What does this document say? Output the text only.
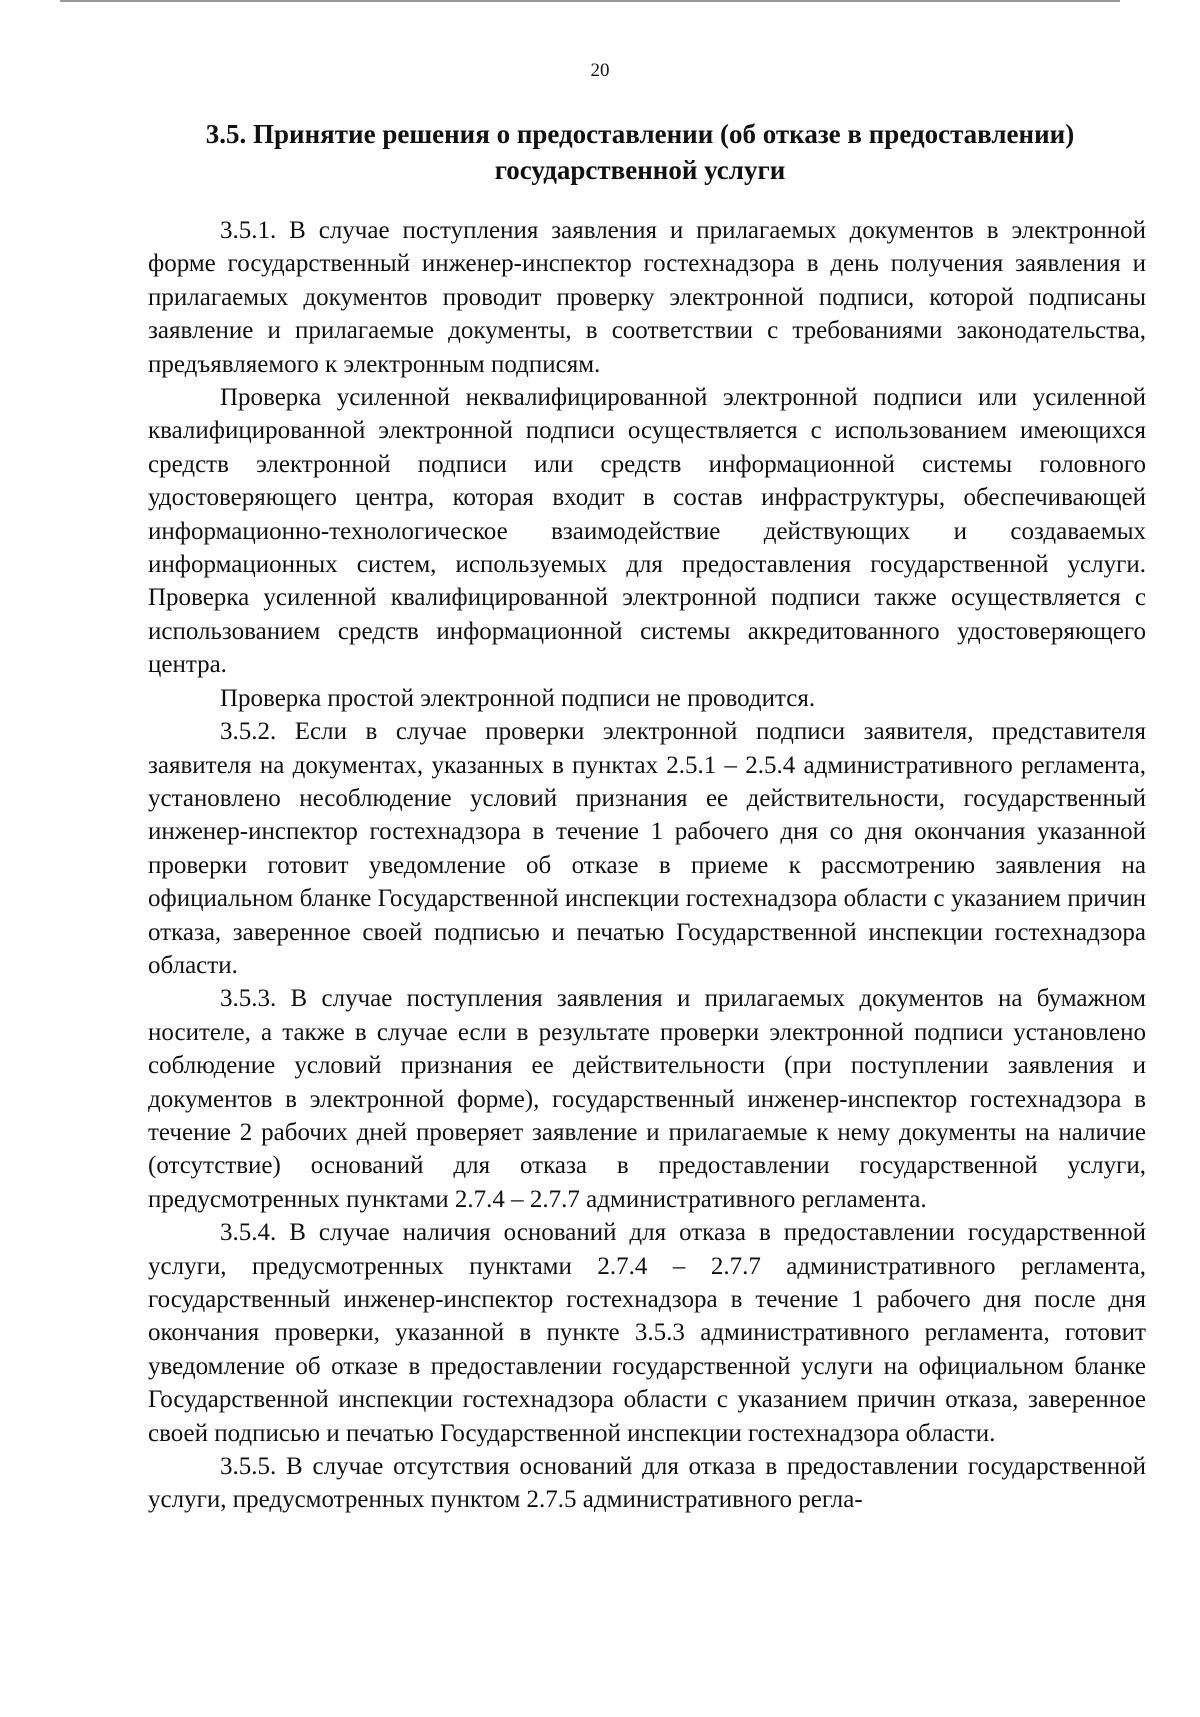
20
3.5. Принятие решения о предоставлении (об отказе в предоставлении)
государственной услуги

3.5.1. В случае поступления заявления и прилагаемых документов в электронной форме государственный инженер-инспектор гостехнадзора в день получения заявления и прилагаемых документов проводит проверку электронной подписи, которой подписаны заявление и прилагаемые документы, в соответствии с требованиями законодательства, предъявляемого к электронным подписям.

Проверка усиленной неквалифицированной электронной подписи или усиленной квалифицированной электронной подписи осуществляется с использованием имеющихся средств электронной подписи или средств информационной системы головного удостоверяющего центра, которая входит в состав инфраструктуры, обеспечивающей информационно-технологическое взаимодействие действующих и создаваемых информационных систем, используемых для предоставления государственной услуги. Проверка усиленной квалифицированной электронной подписи также осуществляется с использованием средств информационной системы аккредитованного удостоверяющего центра.

Проверка простой электронной подписи не проводится.

3.5.2. Если в случае проверки электронной подписи заявителя, представителя заявителя на документах, указанных в пунктах 2.5.1 – 2.5.4 административного регламента, установлено несоблюдение условий признания ее действительности, государственный инженер-инспектор гостехнадзора в течение 1 рабочего дня со дня окончания указанной проверки готовит уведомление об отказе в приеме к рассмотрению заявления на официальном бланке Государственной инспекции гостехнадзора области с указанием причин отказа, заверенное своей подписью и печатью Государственной инспекции гостехнадзора области.

3.5.3. В случае поступления заявления и прилагаемых документов на бумажном носителе, а также в случае если в результате проверки электронной подписи установлено соблюдение условий признания ее действительности (при поступлении заявления и документов в электронной форме), государственный инженер-инспектор гостехнадзора в течение 2 рабочих дней проверяет заявление и прилагаемые к нему документы на наличие (отсутствие) оснований для отказа в предоставлении государственной услуги, предусмотренных пунктами 2.7.4 – 2.7.7 административного регламента.

3.5.4. В случае наличия оснований для отказа в предоставлении государственной услуги, предусмотренных пунктами 2.7.4 – 2.7.7 административного регламента, государственный инженер-инспектор гостехнадзора в течение 1 рабочего дня после дня окончания проверки, указанной в пункте 3.5.3 административного регламента, готовит уведомление об отказе в предоставлении государственной услуги на официальном бланке Государственной инспекции гостехнадзора области с указанием причин отказа, заверенное своей подписью и печатью Государственной инспекции гостехнадзора области.

3.5.5. В случае отсутствия оснований для отказа в предоставлении государственной услуги, предусмотренных пунктом 2.7.5 административного регла-
